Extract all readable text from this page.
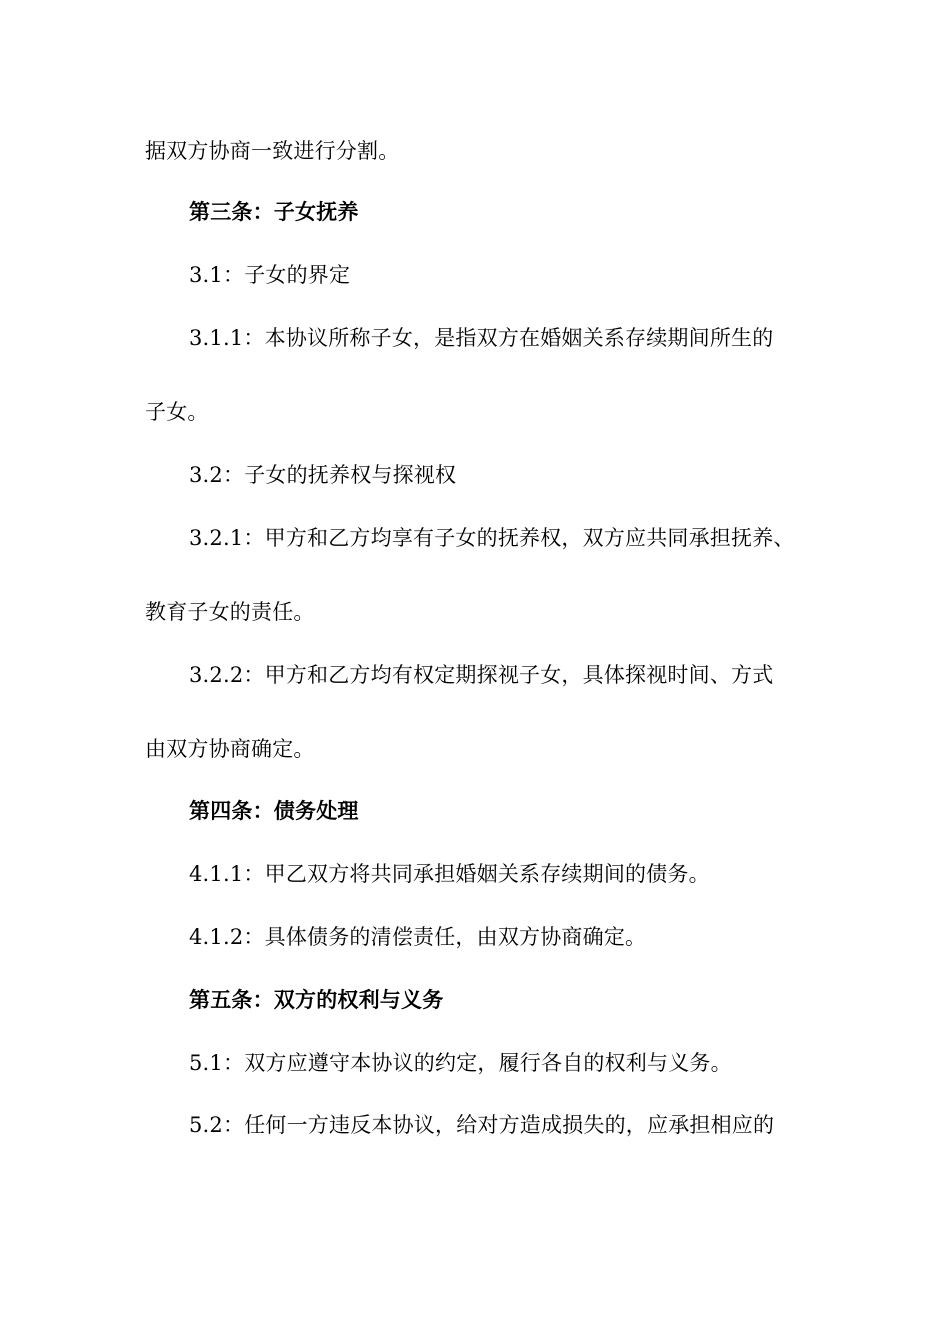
据双方协商一致进行分割。
第三条：子女抚养
3.1：子女的界定
3.1.1：本协议所称子女，是指双方在婚姻关系存续期间所生的
子女。
3.2：子女的抚养权与探视权
3.2.1：甲方和乙方均享有子女的抚养权，双方应共同承担抚养、
教育子女的责任。
3.2.2：甲方和乙方均有权定期探视子女，具体探视时间、方式
由双方协商确定。
第四条：债务处理
4.1.1：甲乙双方将共同承担婚姻关系存续期间的债务。
4.1.2：具体债务的清偿责任，由双方协商确定。
第五条：双方的权利与义务
5.1：双方应遵守本协议的约定，履行各自的权利与义务。
5.2：任何一方违反本协议，给对方造成损失的，应承担相应的
